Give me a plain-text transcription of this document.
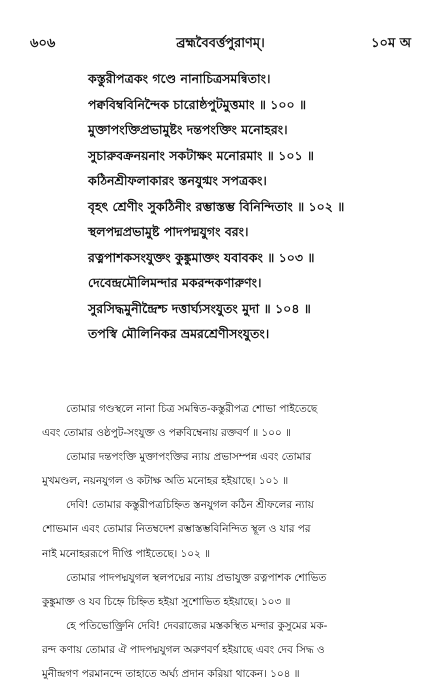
৬০৬	ব্রহ্মবৈবর্ত্তপুরাণম্।	১০ম অ
কস্তুরীপত্রকং গণ্ডে নানাচিত্রসমন্বিতাং।
পক্ববিম্ববিনিন্দৈক চারোষ্ঠপুটমুত্তমাং ॥ ১০০ ॥
মুক্তাপংক্তিপ্রভামুষ্টং দন্তপংক্তিং মনোহরং।
সুচারুবক্রনয়নাং সকটাক্ষং মনোরমাং ॥ ১০১ ॥
কঠিনশ্রীফলাকারং স্তনযুগ্মং সপত্রকং।
বৃহৎ শ্রেণীং সুকঠিনীং রম্ভাস্তম্ভ বিনিন্দিতাং ॥ ১০২ ॥
স্থলপদ্মপ্রভামুষ্ট পাদপদ্মযুগং বরং।
রত্নপাশকসংযুক্তং কুঙ্কুমাক্তং যবাবকং ॥ ১০৩ ॥
দেবেন্দ্রমৌলিমন্দার মকরন্দকণারুণং।
সুরসিদ্ধমুনীন্দ্রৈশ্চ দত্তার্ঘ্যসংযুতং মুদা ॥ ১০৪ ॥
তপস্বি মৌলিনিকর ভ্রমরশ্রেণীসংযুতং।
তোমার গণ্ডস্থলে নানা চিত্র সমন্বিত-কস্তুরীপত্র শোভা পাইতেছে
এবং তোমার ওষ্ঠপুট-সংযুক্ত ও পক্ববিম্বেনায় রক্তবর্ণ ॥ ১০০ ॥
তোমার দন্তপংক্তি মুক্তাপংক্তির ন্যায় প্রভাসম্পন্ন এবং তোমার
মুখমণ্ডল, নয়নযুগল ও কটাক্ষ অতি মনোহর হইয়াছে। ১০১ ॥
দেবি! তোমার কস্তুরীপত্রচিহ্নিত স্তনযুগল কঠিন শ্রীফলের ন্যায়
শোভমান এবং তোমার নিতম্বদেশ রম্ভাস্তম্ভবিনিন্দিত স্থূল ও যার পর
নাই মনোহররূপে দীপ্তি পাইতেছে। ১০২ ॥
তোমার পাদপদ্মযুগল স্থলপদ্মের ন্যায় প্রভাযুক্ত রত্নপাশক শোভিত
কুঙ্কুমাক্ত ও যব চিহ্নে চিহ্নিত হইয়া সুশোভিত হইয়াছে। ১০৩ ॥
হে পতিভোক্ত্রিনি দেবি! দেবরাজের মস্তকস্থিত মন্দার কুসুমের মক-
রন্দ কণায় তোমার ঐ পাদপদ্মযুগল অরুণবর্ণ হইয়াছে এবং দেব সিদ্ধ ও
মুনীন্দ্রগণ পরমানন্দে তাহাতে অর্ঘ্য প্রদান করিয়া থাকেন। ১০৪ ॥
